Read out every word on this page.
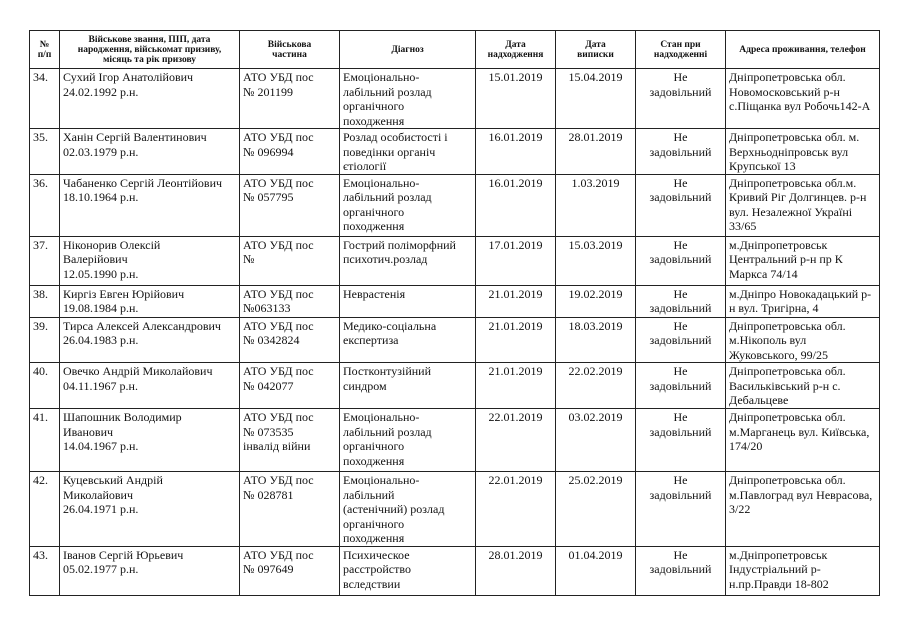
№
п/п	Військове звання, ПІП, дата
народження, військомат призиву,
місяць та рік призову	Військова
частина	Діагноз	Дата
надходження	Дата
виписки	Стан при
надходженні	Адреса проживання, телефон
34.	Сухий Ігор Анатолійович
24.02.1992 р.н.	АТО УБД пос
№ 201199	Емоціонально-
лабільний розлад
органічного
походження	15.01.2019	15.04.2019	Не
задовільний	Дніпропетровська обл.
Новомосковський р-н
с.Піщанка вул Робочь142-А
35.	Ханін Сергій Валентинович
02.03.1979 р.н.	АТО УБД пос
№ 096994	Розлад особистості і
поведінки органіч
єтіології	16.01.2019	28.01.2019	Не
задовільний	Дніпропетровська обл. м.
Верхньодніпровськ вул
Крупської 13
36.	Чабаненко Сергій Леонтійович
18.10.1964 р.н.	АТО УБД пос
№ 057795	Емоціонально-
лабільний розлад
органічного
походження	16.01.2019	1.03.2019	Не
задовільний	Дніпропетровська обл.м.
Кривий Ріг Долгинцев. р-н
вул. Незалежної Україні
33/65
37.	Ніконорив Олексій
Валерійович
12.05.1990 р.н.	АТО УБД пос
№	Гострий поліморфний
психотич.розлад	17.01.2019	15.03.2019	Не
задовільний	м.Дніпропетровськ
Центральний р-н пр К
Маркса 74/14
38.	Киргіз Евген Юрійович
19.08.1984 р.н.	АТО УБД пос
№063133	Неврастенія	21.01.2019	19.02.2019	Не
задовільний	м.Дніпро Новокадацький р-
н вул. Тригірна, 4
39.	Тирса Алексей Александрович
26.04.1983 р.н.	АТО УБД пос
№ 0342824	Медико-соціальна
експертиза	21.01.2019	18.03.2019	Не
задовільний	Дніпропетровська обл.
м.Нікополь вул
Жуковського, 99/25
40.	Овечко Андрій Миколайович
04.11.1967 р.н.	АТО УБД пос
№ 042077	Постконтузійний
синдром	21.01.2019	22.02.2019	Не
задовільний	Дніпропетровська обл.
Васильківський р-н с.
Дебальцеве
41.	Шапошник Володимир
Иванович
14.04.1967 р.н.	АТО УБД пос
№ 073535
інвалід війни	Емоціонально-
лабільний розлад
органічного
походження	22.01.2019	03.02.2019	Не
задовільний	Дніпропетровська обл.
м.Марганець вул. Київська,
174/20
42.	Куцевський Андрій
Миколайович
26.04.1971 р.н.	АТО УБД пос
№ 028781	Емоціонально-
лабільний
(астенічний) розлад
органічного
походження	22.01.2019	25.02.2019	Не
задовільний	Дніпропетровська обл.
м.Павлоград вул Неврасова,
3/22
43.	Іванов Сергій Юрьевич
05.02.1977 р.н.	АТО УБД пос
№ 097649	Психическое
расстройство
вследствии	28.01.2019	01.04.2019	Не
задовільний	м.Дніпропетровськ
Індустріальний р-
н.пр.Правди 18-802
